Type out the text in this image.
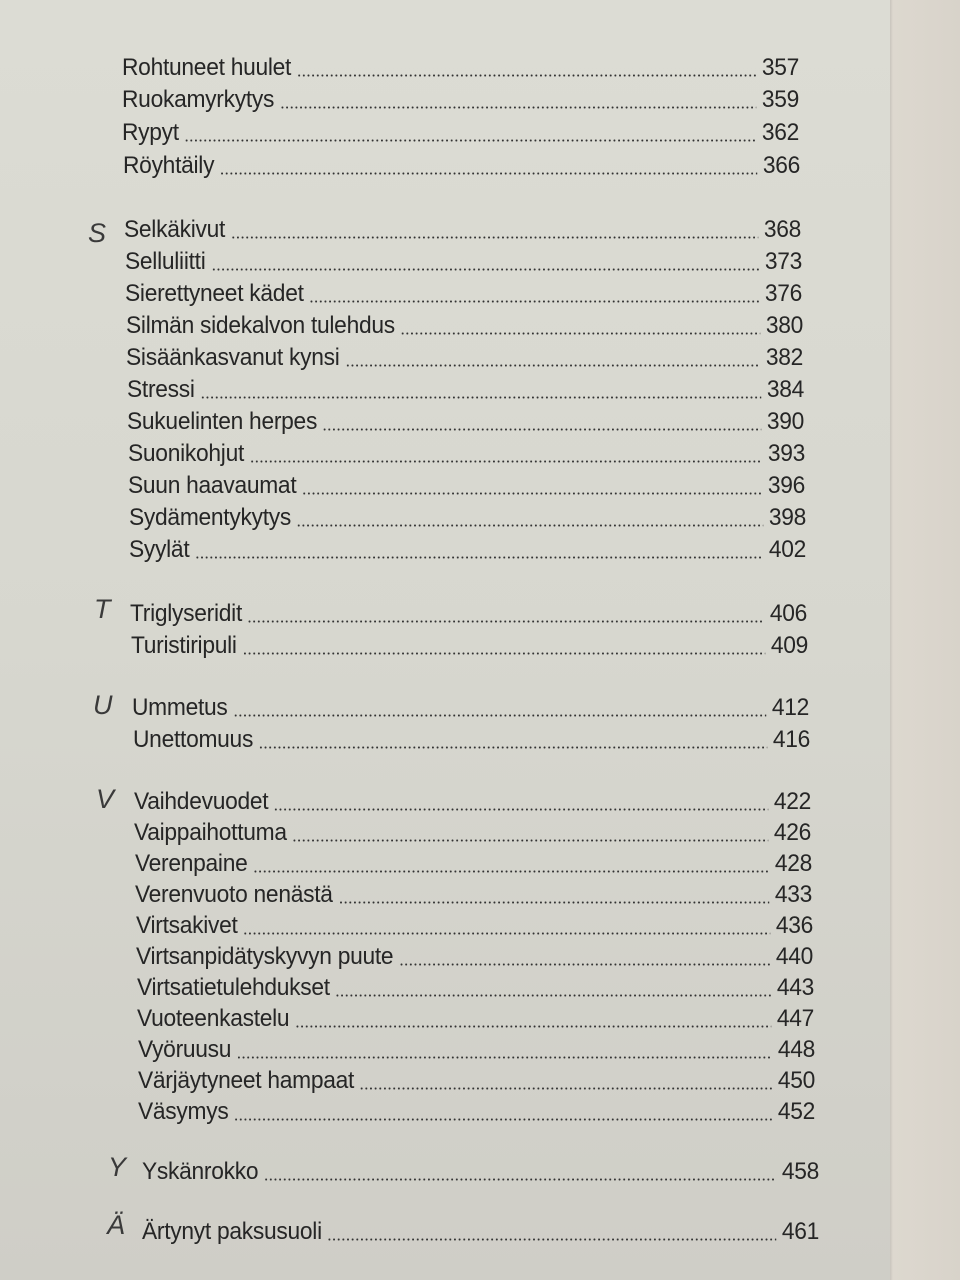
Rohtuneet huulet	357
Ruokamyrkytys	359
Rypyt	362
Röyhtäily	366
S Selkäkivut	368
Selluliitti	373
Sierettyneet kädet	376
Silmän sidekalvon tulehdus	380
Sisäänkasvanut kynsi	382
Stressi	384
Sukuelinten herpes	390
Suonikohjut	393
Suun haavaumat	396
Sydämentykytys	398
Syylät	402
T Triglyseridit	406
Turistiripuli	409
U Ummetus	412
Unettomuus	416
V Vaihdevuodet	422
Vaippaihottuma	426
Verenpaine	428
Verenvuoto nenästä	433
Virtsakivet	436
Virtsanpidätyskyvyn puute	440
Virtsatietulehdukset	443
Vuoteenkastelu	447
Vyöruusu	448
Värjäytyneet hampaat	450
Väsymys	452
Y Yskänrokko	458
Ä Ärtynyt paksusuoli	461
